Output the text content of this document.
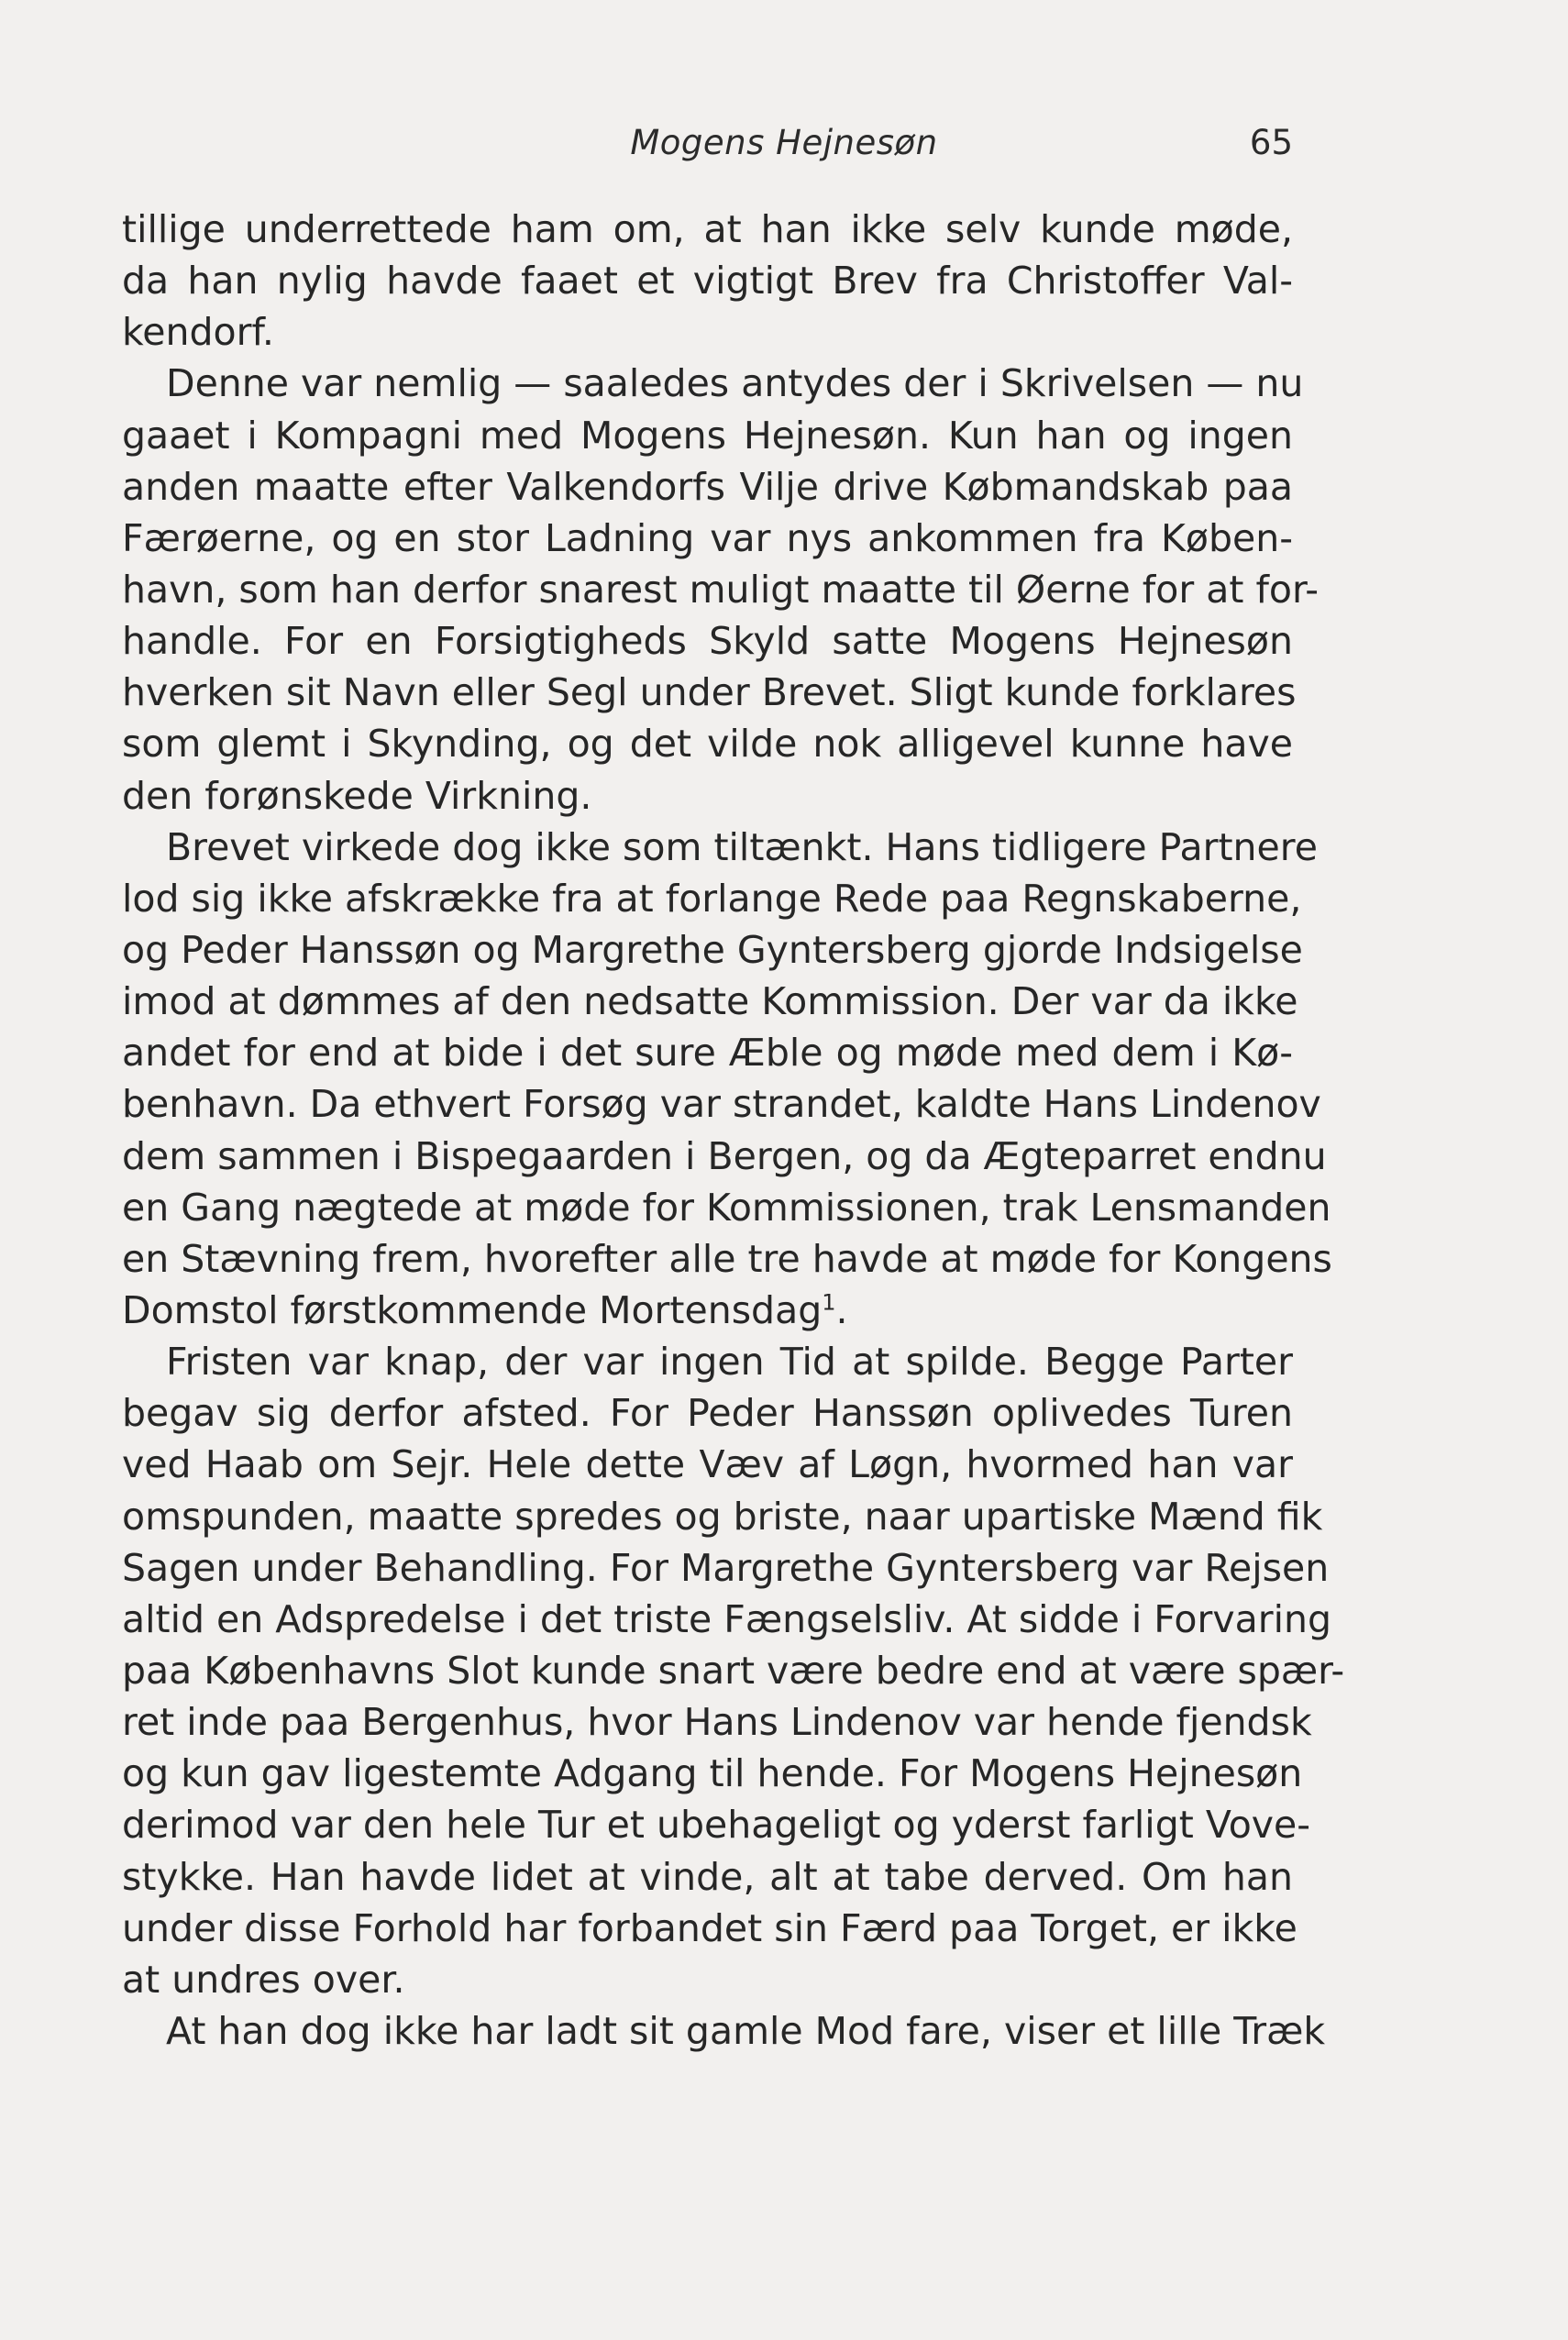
Mogens Hejnesøn	65
tillige underrettede ham om, at han ikke selv kunde møde,
da han nylig havde faaet et vigtigt Brev fra Christoffer Val-
kendorf.
Denne var nemlig — saaledes antydes der i Skrivelsen — nu
gaaet i Kompagni med Mogens Hejnesøn. Kun han og ingen
anden maatte efter Valkendorfs Vilje drive Købmandskab paa
Færøerne, og en stor Ladning var nys ankommen fra Køben-
havn, som han derfor snarest muligt maatte til Øerne for at for-
handle. For en Forsigtigheds Skyld satte Mogens Hejnesøn
hverken sit Navn eller Segl under Brevet. Sligt kunde forklares
som glemt i Skynding, og det vilde nok alligevel kunne have
den forønskede Virkning.
Brevet virkede dog ikke som tiltænkt. Hans tidligere Partnere
lod sig ikke afskrække fra at forlange Rede paa Regnskaberne,
og Peder Hanssøn og Margrethe Gyntersberg gjorde Indsigelse
imod at dømmes af den nedsatte Kommission. Der var da ikke
andet for end at bide i det sure Æble og møde med dem i Kø-
benhavn. Da ethvert Forsøg var strandet, kaldte Hans Lindenov
dem sammen i Bispegaarden i Bergen, og da Ægteparret endnu
en Gang nægtede at møde for Kommissionen, trak Lensmanden
en Stævning frem, hvorefter alle tre havde at møde for Kongens
Domstol førstkommende Mortensdag$^1$.
Fristen var knap, der var ingen Tid at spilde. Begge Parter
begav sig derfor afsted. For Peder Hanssøn oplivedes Turen
ved Haab om Sejr. Hele dette Væv af Løgn, hvormed han var
omspunden, maatte spredes og briste, naar upartiske Mænd fik
Sagen under Behandling. For Margrethe Gyntersberg var Rejsen
altid en Adspredelse i det triste Fængselsliv. At sidde i Forvaring
paa Københavns Slot kunde snart være bedre end at være spær-
ret inde paa Bergenhus, hvor Hans Lindenov var hende fjendsk
og kun gav ligestemte Adgang til hende. For Mogens Hejnesøn
derimod var den hele Tur et ubehageligt og yderst farligt Vove-
stykke. Han havde lidet at vinde, alt at tabe derved. Om han
under disse Forhold har forbandet sin Færd paa Torget, er ikke
at undres over.
At han dog ikke har ladt sit gamle Mod fare, viser et lille Træk
